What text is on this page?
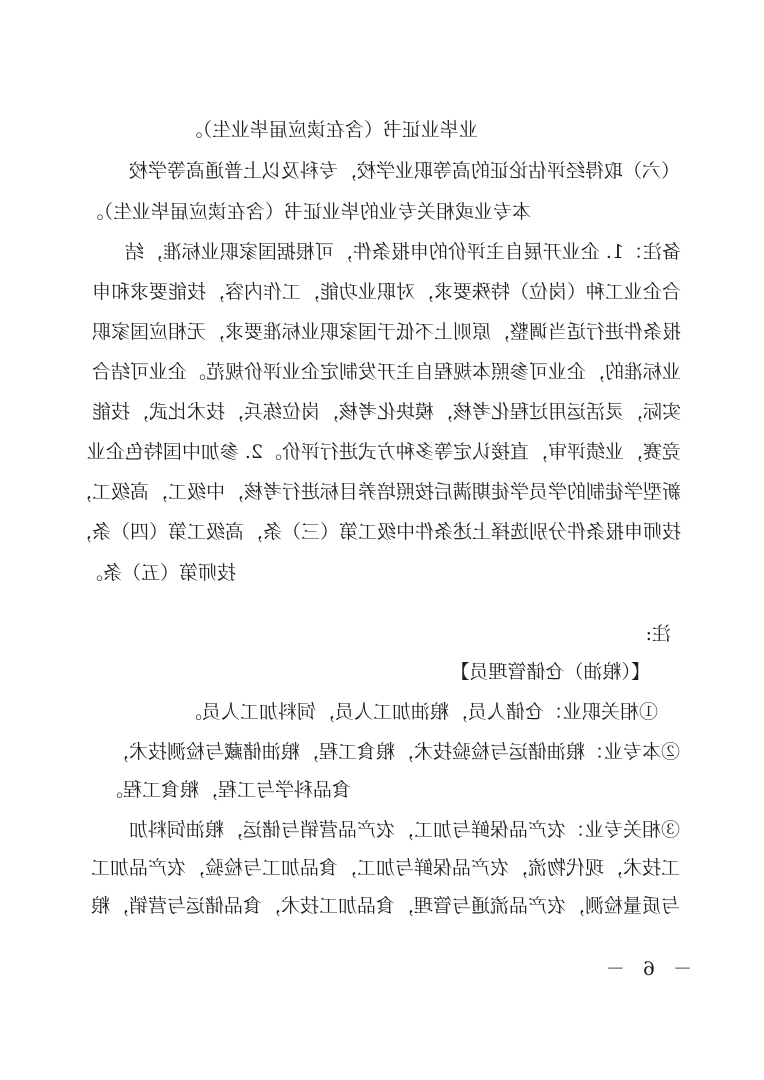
业毕业证书（含在读应届毕业生）。
（六）取得经评估论证的高等职业学校，专科及以上普通高等学校
本专业或相关专业的毕业证书（含在读应届毕业生）。
备注：1. 企业开展自主评价的申报条件，可根据国家职业标准，结
合企业工种（岗位）特殊要求，对职业功能，工作内容，技能要求和申
报条件进行适当调整，原则上不低于国家职业标准要求，无相应国家职
业标准的，企业可参照本规程自主开发制定企业评价规范。企业可结合
实际，灵活运用过程化考核，模块化考核，岗位练兵，技术比武，技能
竞赛，业绩评审，直接认定等多种方式进行评价。2. 参加中国特色企业
新型学徒制的学员学徒期满后按照培养目标进行考核，中级工，高级工，
技师申报条件分别选择上述条件中级工第（三）条，高级工第（四）条，
技师第（五）条。
注:
【（粮油）仓储管理员】
①相关职业：仓储人员，粮油加工人员，饲料加工人员。
②本专业：粮油储运与检验技术，粮食工程，粮油储藏与检测技术，
食品科学与工程，粮食工程。
③相关专业：农产品保鲜与加工，农产品营销与储运，粮油饲料加
工技术，现代物流，农产品保鲜与加工，食品加工与检验，农产品加工
与质量检测，农产品流通与管理，食品加工技术，食品储运与营销，粮
－ 6 －
